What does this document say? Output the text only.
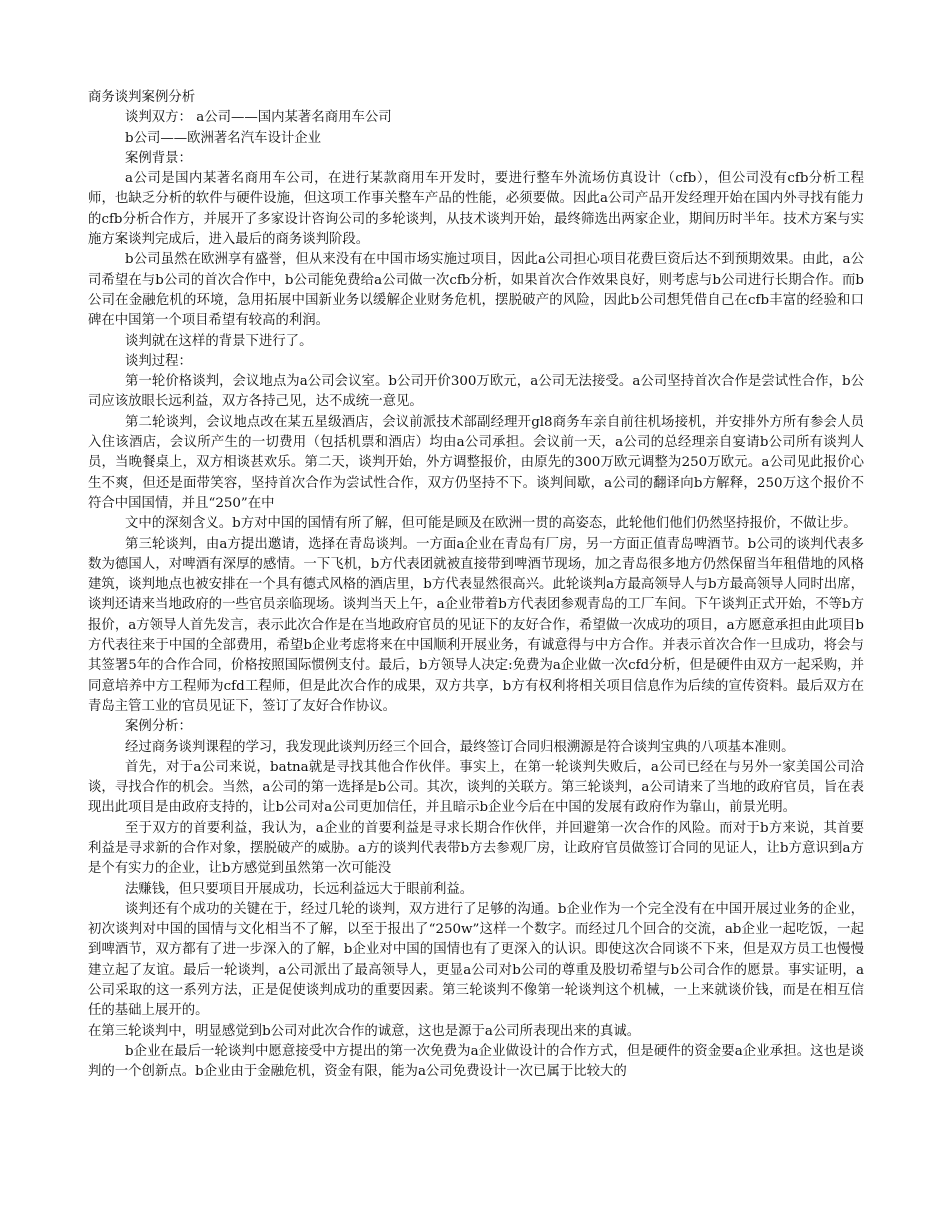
商务谈判案例分析
谈判双方： a公司——国内某著名商用车公司
b公司——欧洲著名汽车设计企业
案例背景：

a公司是国内某著名商用车公司，在进行某款商用车开发时，要进行整车外流场仿真设计（cfb），但公司没有cfb分析工程师，也缺乏分析的软件与硬件设施，但这项工作事关整车产品的性能，必须要做。因此a公司产品开发经理开始在国内外寻找有能力的cfb分析合作方，并展开了多家设计咨询公司的多轮谈判，从技术谈判开始，最终筛选出两家企业，期间历时半年。技术方案与实施方案谈判完成后，进入最后的商务谈判阶段。

b公司虽然在欧洲享有盛誉，但从来没有在中国市场实施过项目，因此a公司担心项目花费巨资后达不到预期效果。由此，a公司希望在与b公司的首次合作中，b公司能免费给a公司做一次cfb分析，如果首次合作效果良好，则考虑与b公司进行长期合作。而b公司在金融危机的环境，急用拓展中国新业务以缓解企业财务危机，摆脱破产的风险，因此b公司想凭借自己在cfb丰富的经验和口碑在中国第一个项目希望有较高的利润。

谈判就在这样的背景下进行了。

谈判过程：

第一轮价格谈判，会议地点为a公司会议室。b公司开价300万欧元，a公司无法接受。a公司坚持首次合作是尝试性合作，b公司应该放眼长远利益，双方各持己见，达不成统一意见。

第二轮谈判，会议地点改在某五星级酒店，会议前派技术部副经理开gl8商务车亲自前往机场接机，并安排外方所有参会人员入住该酒店，会议所产生的一切费用（包括机票和酒店）均由a公司承担。会议前一天，a公司的总经理亲自宴请b公司所有谈判人员，当晚餐桌上，双方相谈甚欢乐。第二天，谈判开始，外方调整报价，由原先的300万欧元调整为250万欧元。a公司见此报价心生不爽，但还是面带笑容，坚持首次合作为尝试性合作，双方仍坚持不下。谈判间歇，a公司的翻译向b方解释，250万这个报价不符合中国国情，并且“250”在中

文中的深刻含义。b方对中国的国情有所了解，但可能是顾及在欧洲一贯的高姿态，此轮他们他们仍然坚持报价，不做让步。

第三轮谈判，由a方提出邀请，选择在青岛谈判。一方面a企业在青岛有厂房，另一方面正值青岛啤酒节。b公司的谈判代表多数为德国人，对啤酒有深厚的感情。一下飞机，b方代表团就被直接带到啤酒节现场，加之青岛很多地方仍然保留当年租借地的风格建筑，谈判地点也被安排在一个具有德式风格的酒店里，b方代表显然很高兴。此轮谈判a方最高领导人与b方最高领导人同时出席，谈判还请来当地政府的一些官员亲临现场。谈判当天上午，a企业带着b方代表团参观青岛的工厂车间。下午谈判正式开始，不等b方报价，a方领导人首先发言，表示此次合作是在当地政府官员的见证下的友好合作，希望做一次成功的项目，a方愿意承担由此项目b方代表往来于中国的全部费用，希望b企业考虑将来在中国顺利开展业务，有诚意得与中方合作。并表示首次合作一旦成功，将会与其签署5年的合作合同，价格按照国际惯例支付。最后，b方领导人决定:免费为a企业做一次cfd分析，但是硬件由双方一起采购，并同意培养中方工程师为cfd工程师，但是此次合作的成果，双方共享，b方有权利将相关项目信息作为后续的宣传资料。最后双方在青岛主管工业的官员见证下，签订了友好合作协议。

案例分析：

经过商务谈判课程的学习，我发现此谈判历经三个回合，最终签订合同归根溯源是符合谈判宝典的八项基本准则。

首先，对于a公司来说，batna就是寻找其他合作伙伴。事实上，在第一轮谈判失败后，a公司已经在与另外一家美国公司洽谈，寻找合作的机会。当然，a公司的第一选择是b公司。其次，谈判的关联方。第三轮谈判，a公司请来了当地的政府官员，旨在表现出此项目是由政府支持的，让b公司对a公司更加信任，并且暗示b企业今后在中国的发展有政府作为靠山，前景光明。

至于双方的首要利益，我认为，a企业的首要利益是寻求长期合作伙伴，并回避第一次合作的风险。而对于b方来说，其首要利益是寻求新的合作对象，摆脱破产的威胁。a方的谈判代表带b方去参观厂房，让政府官员做签订合同的见证人，让b方意识到a方是个有实力的企业，让b方感觉到虽然第一次可能没

法赚钱，但只要项目开展成功，长远利益远大于眼前利益。

谈判还有个成功的关键在于，经过几轮的谈判，双方进行了足够的沟通。b企业作为一个完全没有在中国开展过业务的企业，初次谈判对中国的国情与文化相当不了解，以至于报出了“250w”这样一个数字。而经过几个回合的交流，ab企业一起吃饭，一起到啤酒节，双方都有了进一步深入的了解，b企业对中国的国情也有了更深入的认识。即使这次合同谈不下来，但是双方员工也慢慢建立起了友谊。最后一轮谈判，a公司派出了最高领导人，更显a公司对b公司的尊重及股切希望与b公司合作的愿景。事实证明，a公司采取的这一系列方法，正是促使谈判成功的重要因素。第三轮谈判不像第一轮谈判这个机械，一上来就谈价钱，而是在相互信任的基础上展开的。

在第三轮谈判中，明显感觉到b公司对此次合作的诚意，这也是源于a公司所表现出来的真诚。

b企业在最后一轮谈判中愿意接受中方提出的第一次免费为a企业做设计的合作方式，但是硬件的资金要a企业承担。这也是谈判的一个创新点。b企业由于金融危机，资金有限，能为a公司免费设计一次已属于比较大的
